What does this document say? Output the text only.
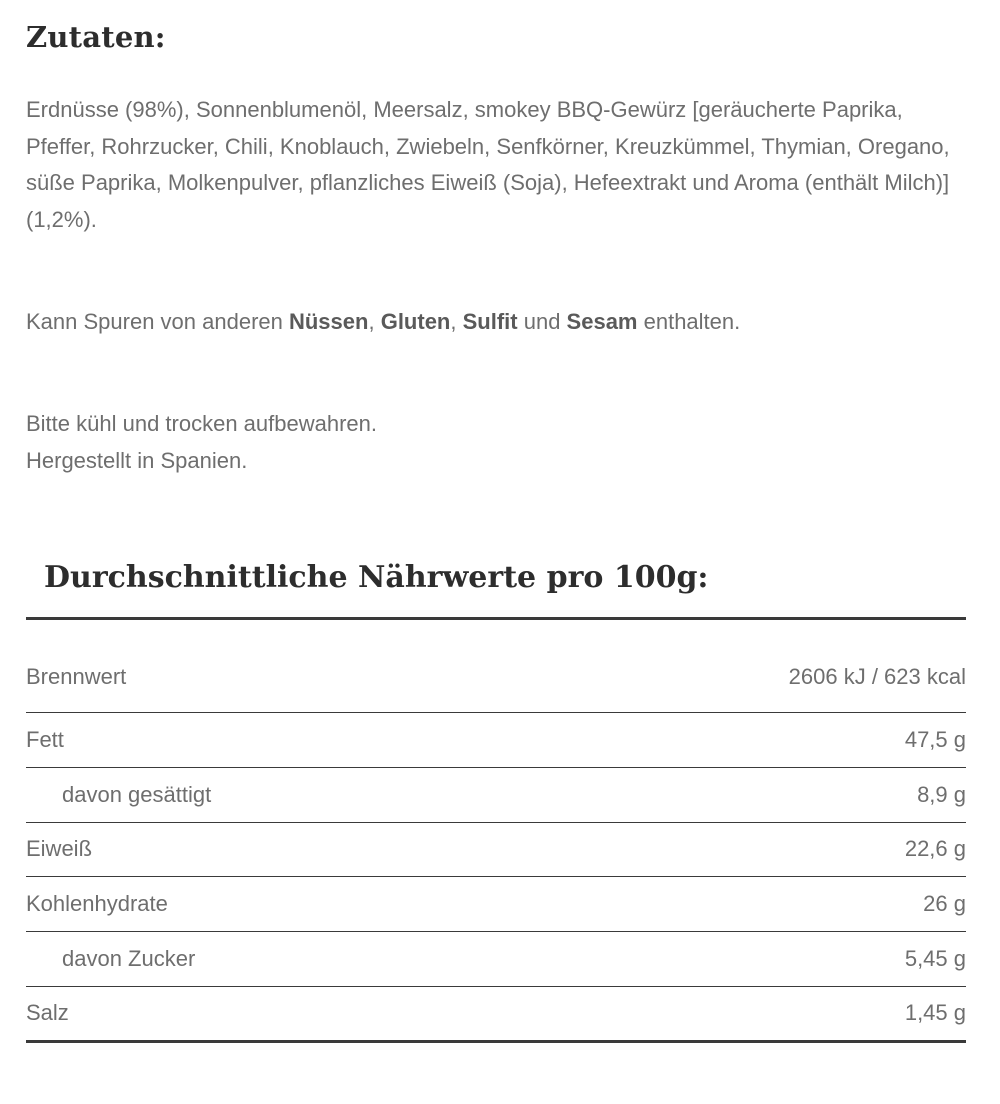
Zutaten:

Erdnüsse (98%), Sonnenblumenöl, Meersalz, smokey BBQ-Gewürz [geräucherte Paprika, Pfeffer, Rohrzucker, Chili, Knoblauch, Zwiebeln, Senfkörner, Kreuzkümmel, Thymian, Oregano, süße Paprika, Molkenpulver, pflanzliches Eiweiß (Soja), Hefeextrakt und Aroma (enthält Milch)] (1,2%).

Kann Spuren von anderen Nüssen, Gluten, Sulfit und Sesam enthalten.

Bitte kühl und trocken aufbewahren.
Hergestellt in Spanien.
Durchschnittliche Nährwerte pro 100g:
Brennwert	2606 kJ / 623 kcal
Fett	47,5 g
davon gesättigt	8,9 g
Eiweiß	22,6 g
Kohlenhydrate	26 g
davon Zucker	5,45 g
Salz	1,45 g
